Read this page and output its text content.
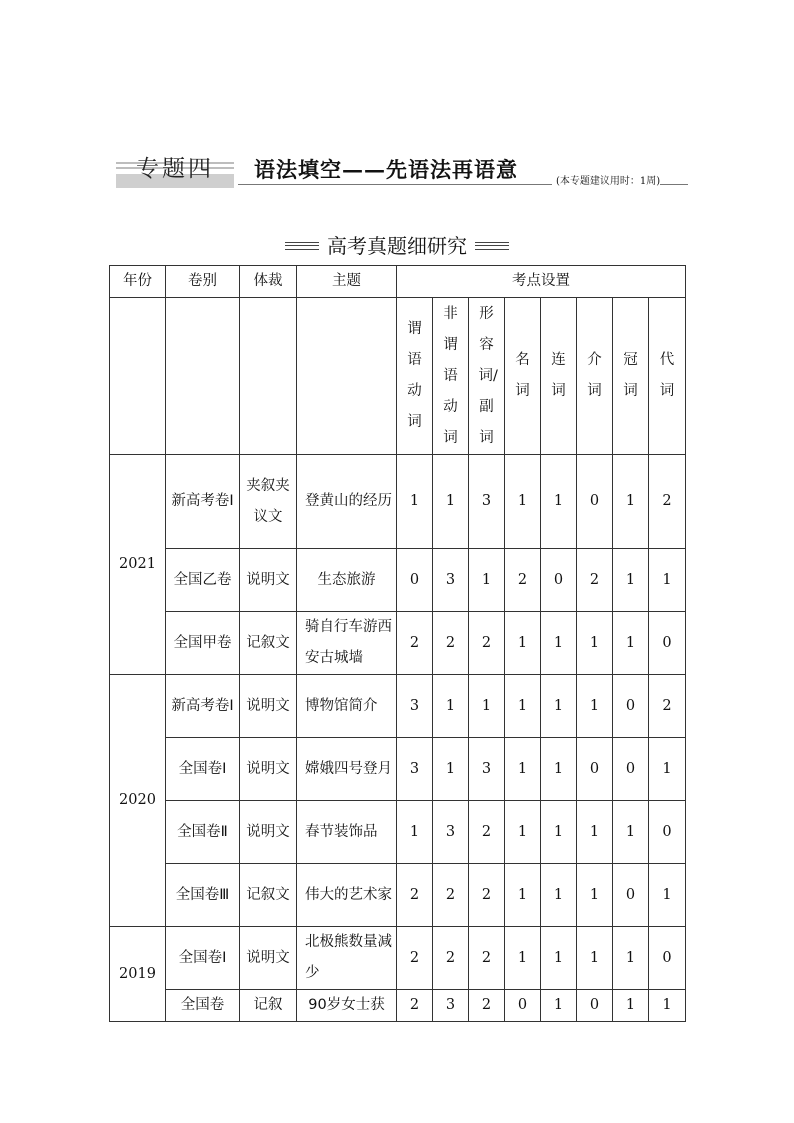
专题四 语法填空——先语法再语意	(本专题建议用时：1周)
高考真题细研究
年份	卷别	体裁	主题	考点设置							
				谓语动词	非谓语动词	形容词/副词	名词	连词	介词	冠词	代词
2021	新高考卷Ⅰ	夹叙夹议文	登黄山的经历	1	1	3	1	1	0	1	2
	全国乙卷	说明文	生态旅游	0	3	1	2	0	2	1	1
	全国甲卷	记叙文	骑自行车游西安古城墙	2	2	2	1	1	1	1	0
2020	新高考卷Ⅰ	说明文	博物馆简介	3	1	1	1	1	1	0	2
	全国卷Ⅰ	说明文	嫦娥四号登月	3	1	3	1	1	0	0	1
	全国卷Ⅱ	说明文	春节装饰品	1	3	2	1	1	1	1	0
	全国卷Ⅲ	记叙文	伟大的艺术家	2	2	2	1	1	1	0	1
2019	全国卷Ⅰ	说明文	北极熊数量减少	2	2	2	1	1	1	1	0
	全国卷	记叙	90岁女士获	2	3	2	0	1	0	1	1
